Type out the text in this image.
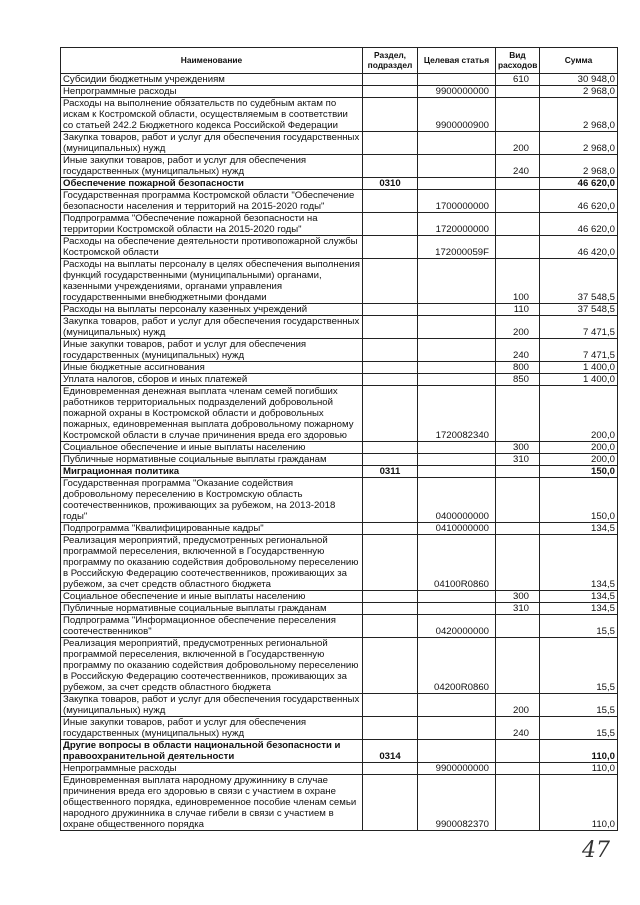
Наименование	Раздел, подраздел	Целевая статья	Вид расходов	Сумма
Субсидии бюджетным учреждениям			610	30 948,0
Непрограммные расходы		9900000000		2 968,0
Расходы на выполнение обязательств по судебным актам по искам к Костромской области, осуществляемым в соответствии со статьей 242.2 Бюджетного кодекса Российской Федерации		9900000900		2 968,0
Закупка товаров, работ и услуг для обеспечения государственных (муниципальных) нужд			200	2 968,0
Иные закупки товаров, работ и услуг для обеспечения государственных (муниципальных) нужд			240	2 968,0
Обеспечение пожарной безопасности	0310			46 620,0
Государственная программа Костромской области "Обеспечение безопасности населения и территорий на 2015-2020 годы"		1700000000		46 620,0
Подпрограмма "Обеспечение пожарной безопасности на территории Костромской области на 2015-2020 годы"		1720000000		46 620,0
Расходы на обеспечение деятельности противопожарной службы Костромской области		172000059F		46 420,0
Расходы на выплаты персоналу в целях обеспечения выполнения функций государственными (муниципальными) органами, казенными учреждениями, органами управления государственными внебюджетными фондами			100	37 548,5
Расходы на выплаты персоналу казенных учреждений			110	37 548,5
Закупка товаров, работ и услуг для обеспечения государственных (муниципальных) нужд			200	7 471,5
Иные закупки товаров, работ и услуг для обеспечения государственных (муниципальных) нужд			240	7 471,5
Иные бюджетные ассигнования			800	1 400,0
Уплата налогов, сборов и иных платежей			850	1 400,0
Единовременная денежная выплата членам семей погибших работников территориальных подразделений добровольной пожарной охраны в Костромской области и добровольных пожарных, единовременная выплата добровольному пожарному Костромской области в случае причинения вреда его здоровью		1720082340		200,0
Социальное обеспечение и иные выплаты населению			300	200,0
Публичные нормативные социальные выплаты гражданам			310	200,0
Миграционная политика	0311			150,0
Государственная программа "Оказание содействия добровольному переселению в Костромскую область соотечественников, проживающих за рубежом, на 2013-2018 годы"		0400000000		150,0
Подпрограмма "Квалифицированные кадры"		0410000000		134,5
Реализация мероприятий, предусмотренных региональной программой переселения, включенной в Государственную программу по оказанию содействия добровольному переселению в Российскую Федерацию соотечественников, проживающих за рубежом, за счет средств областного бюджета		04100R0860		134,5
Социальное обеспечение и иные выплаты населению			300	134,5
Публичные нормативные социальные выплаты гражданам			310	134,5
Подпрограмма "Информационное обеспечение переселения соотечественников"		0420000000		15,5
Реализация мероприятий, предусмотренных региональной программой переселения, включенной в Государственную программу по оказанию содействия добровольному переселению в Российскую Федерацию соотечественников, проживающих за рубежом, за счет средств областного бюджета		04200R0860		15,5
Закупка товаров, работ и услуг для обеспечения государственных (муниципальных) нужд			200	15,5
Иные закупки товаров, работ и услуг для обеспечения государственных (муниципальных) нужд			240	15,5
Другие вопросы в области национальной безопасности и правоохранительной деятельности	0314			110,0
Непрограммные расходы		9900000000		110,0
Единовременная выплата народному дружиннику в случае причинения вреда его здоровью в связи с участием в охране общественного порядка, единовременное пособие членам семьи народного дружинника в случае гибели в связи с участием в охране общественного порядка		9900082370		110,0
47
